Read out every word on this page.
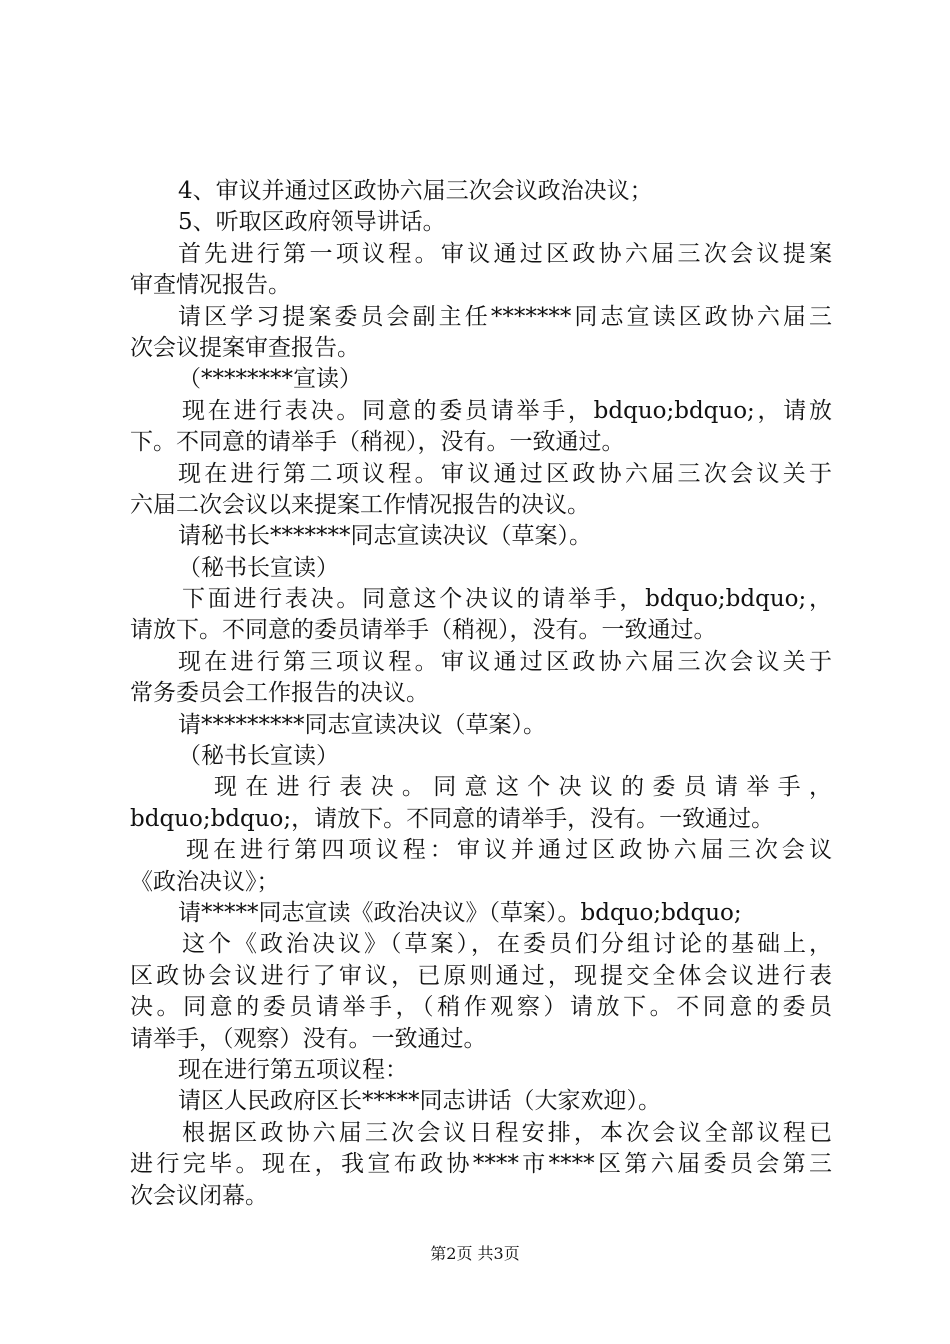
4、审议并通过区政协六届三次会议政治决议；
5、听取区政府领导讲话。
首先进行第一项议程。审议通过区政协六届三次会议提案
审查情况报告。
请区学习提案委员会副主任*******同志宣读区政协六届三
次会议提案审查报告。
（********宣读）
现在进行表决。同意的委员请举手，bdquo;bdquo;，请放
下。不同意的请举手（稍视），没有。一致通过。
现在进行第二项议程。审议通过区政协六届三次会议关于
六届二次会议以来提案工作情况报告的决议。
请秘书长*******同志宣读决议（草案）。
（秘书长宣读）
下面进行表决。同意这个决议的请举手，bdquo;bdquo;，
请放下。不同意的委员请举手（稍视），没有。一致通过。
现在进行第三项议程。审议通过区政协六届三次会议关于
常务委员会工作报告的决议。
请*********同志宣读决议（草案）。
（秘书长宣读）
现在进行表决。同意这个决议的委员请举手，
bdquo;bdquo;，请放下。不同意的请举手，没有。一致通过。
现在进行第四项议程：审议并通过区政协六届三次会议
《政治决议》；
请*****同志宣读《政治决议》（草案）。bdquo;bdquo;
这个《政治决议》（草案），在委员们分组讨论的基础上，
区政协会议进行了审议，已原则通过，现提交全体会议进行表
决。同意的委员请举手，（稍作观察）请放下。不同意的委员
请举手，（观察）没有。一致通过。
现在进行第五项议程：
请区人民政府区长*****同志讲话（大家欢迎）。
根据区政协六届三次会议日程安排，本次会议全部议程已
进行完毕。现在，我宣布政协****市****区第六届委员会第三
次会议闭幕。
第2页 共3页
